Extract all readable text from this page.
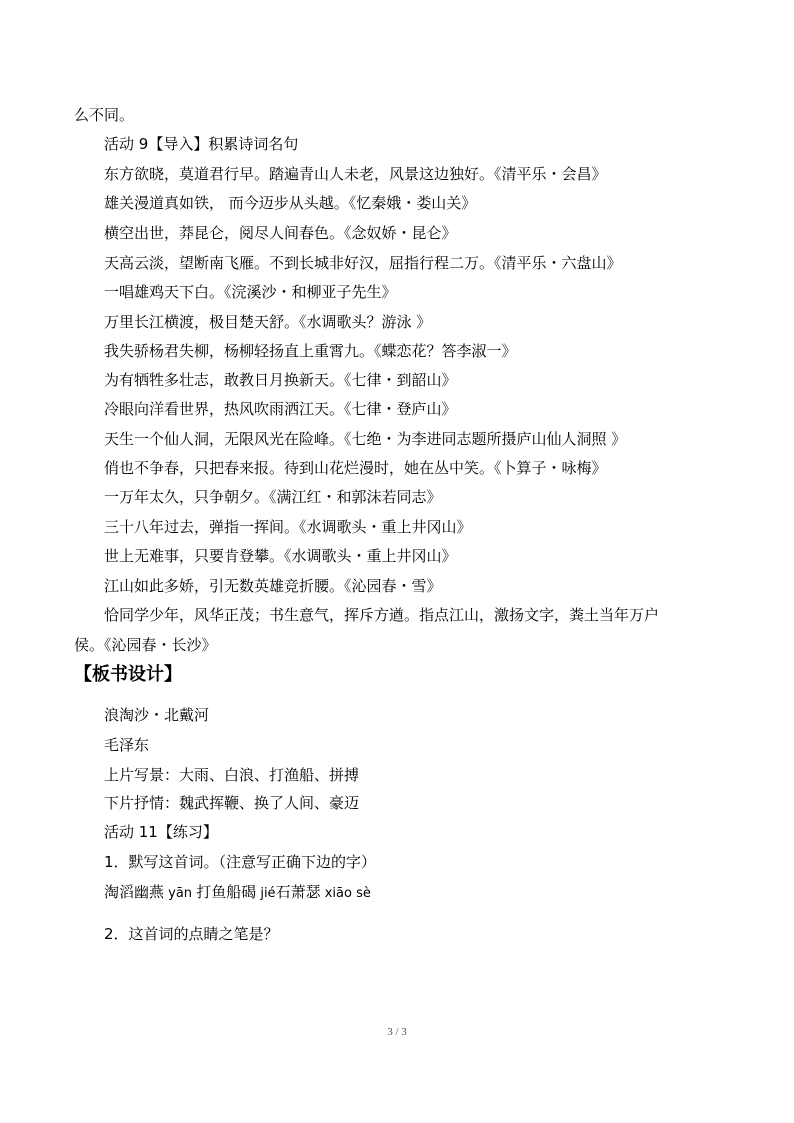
么不同。
活动 9【导入】积累诗词名句
东方欲晓，莫道君行早。踏遍青山人未老，风景这边独好。《清平乐・会昌》
雄关漫道真如铁， 而今迈步从头越。《忆秦娥・娄山关》
横空出世，莽昆仑，阅尽人间春色。《念奴娇・昆仑》
天高云淡，望断南飞雁。不到长城非好汉，屈指行程二万。《清平乐・六盘山》
一唱雄鸡天下白。《浣溪沙・和柳亚子先生》
万里长江横渡，极目楚天舒。《水调歌头？游泳 》
我失骄杨君失柳，杨柳轻扬直上重霄九。《蝶恋花？答李淑一》
为有牺牲多壮志，敢教日月换新天。《七律・到韶山》
冷眼向洋看世界，热风吹雨洒江天。《七律・登庐山》
天生一个仙人洞，无限风光在险峰。《七绝・为李进同志题所摄庐山仙人洞照 》
俏也不争春，只把春来报。待到山花烂漫时，她在丛中笑。《卜算子・咏梅》
一万年太久，只争朝夕。《满江红・和郭沫若同志》
三十八年过去，弹指一挥间。《水调歌头・重上井冈山》
世上无难事，只要肯登攀。《水调歌头・重上井冈山》
江山如此多娇，引无数英雄竞折腰。《沁园春・雪》
恰同学少年，风华正茂；书生意气，挥斥方遒。指点江山，激扬文字，粪土当年万户
侯。《沁园春・长沙》
【板书设计】
浪淘沙・北戴河
毛泽东
上片写景：大雨、白浪、打渔船、拼搏
下片抒情：魏武挥鞭、换了人间、豪迈
活动 11【练习】
1．默写这首词。（注意写正确下边的字）
淘滔幽燕 yān 打鱼船碣 jié石萧瑟 xiāo sè
2．这首词的点睛之笔是？
3 / 3
